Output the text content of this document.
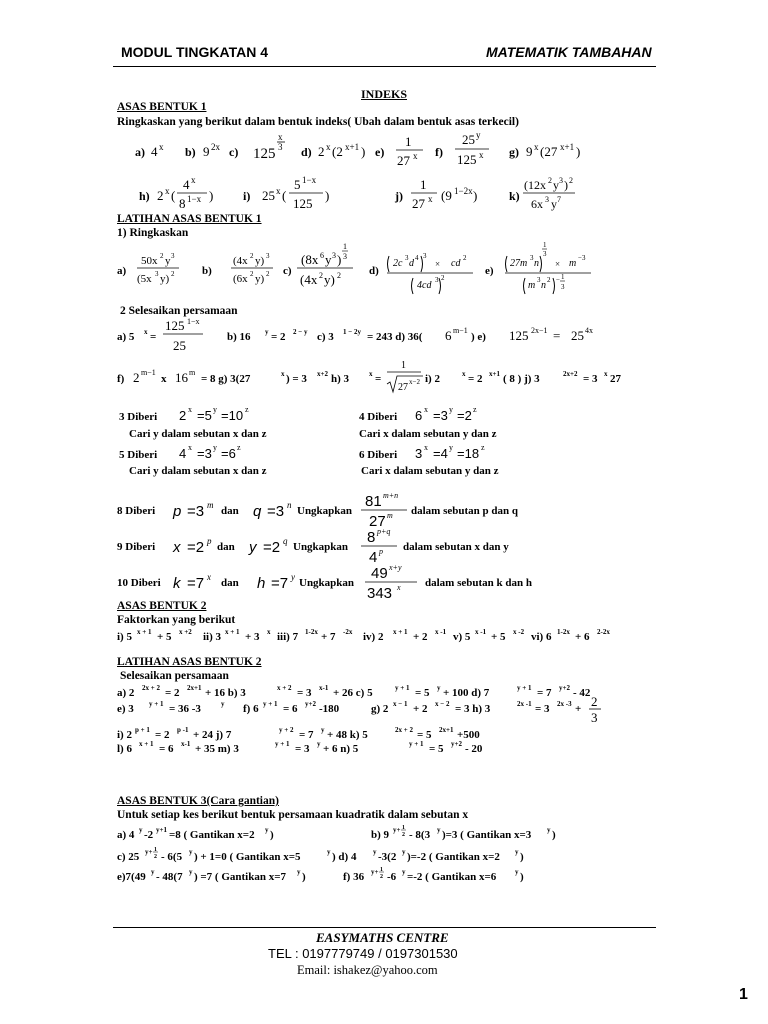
MODUL TINGKATAN 4	MATEMATIK TAMBAHAN
INDEKS
ASAS BENTUK 1
Ringkaskan yang berikut dalam bentuk indeks( Ubah dalam bentuk asas terkecil)
a) 4 x b) 9 2x c) 125
x
3 d) 2 x (2 x+1 ) e)
1
27 x f)
25 y
125 x g) 9 x (27 x+1 )
h) 2 x (
4 x
8 1−x ) i) 25 x (
5 1−x
125
)	j)
1
27 x (9 1−2x )	k)
(12x 2 y 3 ) 2
6x 3 y 7
LATIHAN ASAS BENTUK 1
1) Ringkaskan
a)
50x 2 y 3
(5x 3 y) 2	b)
(4x 2 y) 3
(6x 2 y) 2 c)
(8x 6 y 3 )
1
3
(4x 2 y) 2	d)
2c 3 d 4 3
× cd 2
4cd 3 2
e)
27m 3 n
1
3
× m −3
m 3 n 2 − 1
3
2 Selesaikan persamaan
a) 5 x =
125 1−x
25
b) 16 y = 2 2 − y c) 3 1 − 2y = 243 d) 36( 6 m−1
) e) 125 2x−1 = 25 4x
f) 2 m−1
x 16 m
= 8 g) 3(27	x ) = 3 x+2 h) 3	x =
1
27 x−2 i) 2	x = 2 x+1 ( 8 ) j) 3	2x+2 = 3 x 27
3 Diberi 2 x =5 y =10 z
Cari y dalam sebutan x dan z
4 Diberi 6 x =3 y =2 z
Cari x dalam sebutan y dan z
5 Diberi 4 x =3 y =6 z
Cari y dalam sebutan x dan z
6 Diberi 3 x =4 y =18 z
Cari x dalam sebutan y dan z
8 Diberi p =3 m dan q =3 n Ungkapkan
81 m+n
27 m dalam sebutan p dan q
9 Diberi x =2 p dan y =2 q Ungkapkan
8 p+q
4 p dalam sebutan x dan y
10 Diberi k =7 x dan h =7 y Ungkapkan
49 x+y
343 x dalam sebutan k dan h
ASAS BENTUK 2
Faktorkan yang berikut
i) 5 x + 1 + 5 x +2 ii) 3 x + 1 + 3 x iii) 7 1-2x + 7 -2x iv) 2 x + 1 + 2 x -1 v) 5 x -1 + 5 x -2 vi) 6 1-2x + 6 2-2x
LATIHAN ASAS BENTUK 2
Selesaikan persamaan
a) 2 2x + 2 = 2 2x+1 + 16 b) 3	x + 2 = 3 x-1 + 26 c) 5	y + 1 = 5 y + 100 d) 7	y + 1 = 7 y+2 - 42
e) 3 y + 1 = 36 -3	y f) 6 y + 1 = 6 y+2 -180	g) 2 x − 1 + 2 x − 2 = 3 h) 3	2x -1 = 3 2x -3 + 2
3
i) 2 p + 1 = 2 p -1 + 24 j) 7	y + 2 = 7 y + 48 k) 5	2x + 2 = 5 2x+1 +500
l) 6 x + 1 = 6 x-1 + 35 m) 3	y + 1 = 3 y + 6 n) 5	y + 1 = 5 y+2 - 20
ASAS BENTUK 3(Cara gantian)
Untuk setiap kes berikut bentuk persamaan kuadratik dalam sebutan x
a) 4 y -2 y+1 =8 ( Gantikan x=2 y )	b) 9 y+ 1
2 - 8(3 y )=3 ( Gantikan x=3 y )
c) 25 y+ 1
2 - 6(5 y ) + 1=0 ( Gantikan x=5	y ) d) 4 y -3(2 y )=-2 ( Gantikan x=2 y )
e)7(49 y - 48(7 y ) =7 ( Gantikan x=7 y )	f) 36 y+ 1
2 -6 y =-2 ( Gantikan x=6	y )
EASYMATHS CENTRE
TEL : 0197779749 / 0197301530
Email: ishakez@yahoo.com
1
